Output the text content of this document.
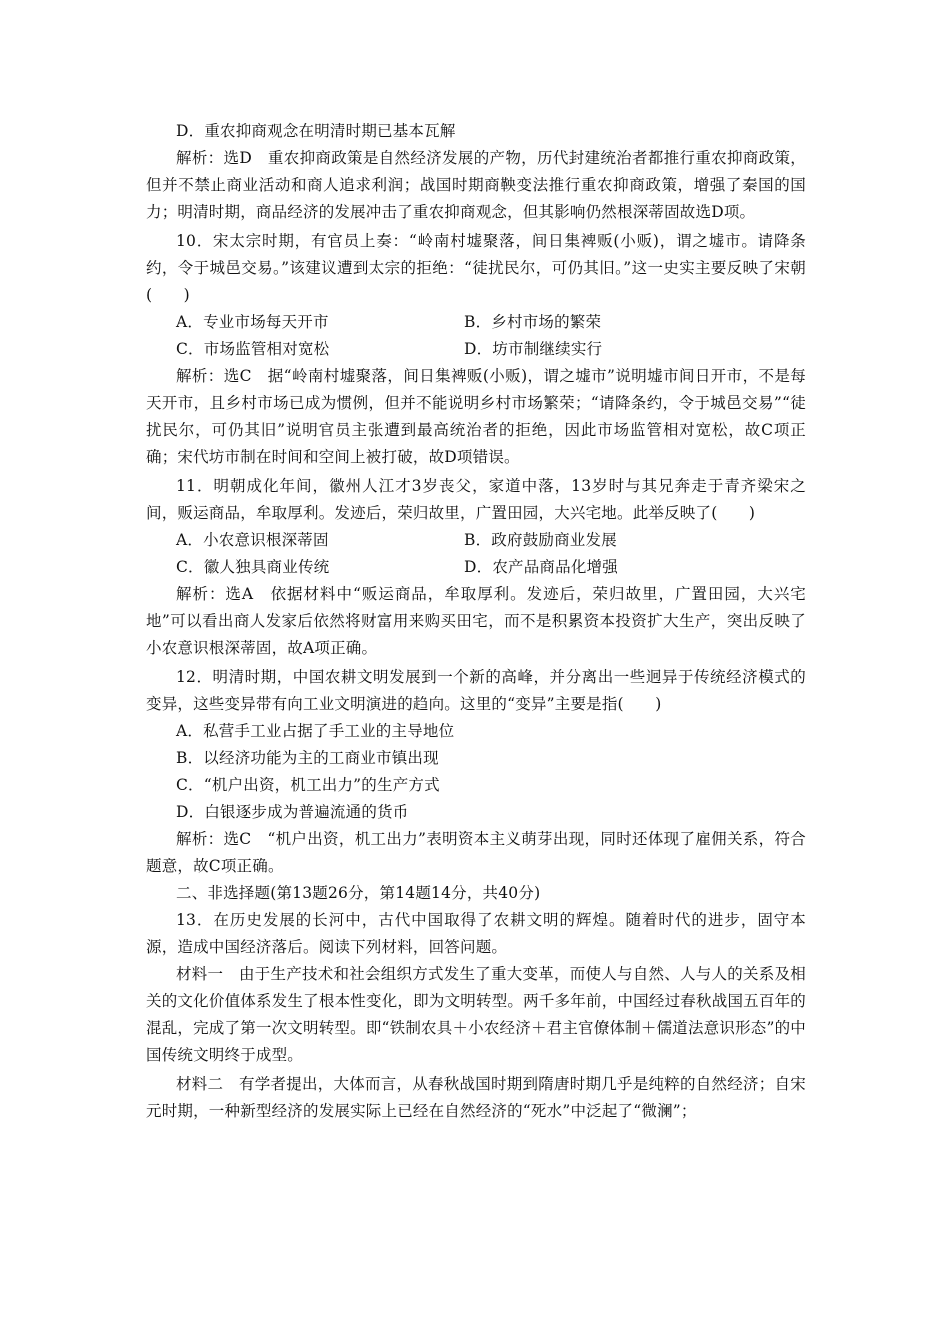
D．重农抑商观念在明清时期已基本瓦解

解析：选D　重农抑商政策是自然经济发展的产物，历代封建统治者都推行重农抑商政策，但并不禁止商业活动和商人追求利润；战国时期商鞅变法推行重农抑商政策，增强了秦国的国力；明清时期，商品经济的发展冲击了重农抑商观念，但其影响仍然根深蒂固故选D项。

10．宋太宗时期，有官员上奏：“岭南村墟聚落，间日集裨贩(小贩)，谓之墟市。请降条约，令于城邑交易。”该建议遭到太宗的拒绝：“徒扰民尔，可仍其旧。”这一史实主要反映了宋朝(　　)

A．专业市场每天开市	B．乡村市场的繁荣
C．市场监管相对宽松	D．坊市制继续实行

解析：选C　据“岭南村墟聚落，间日集裨贩(小贩)，谓之墟市”说明墟市间日开市，不是每天开市，且乡村市场已成为惯例，但并不能说明乡村市场繁荣；“请降条约，令于城邑交易”“徒扰民尔，可仍其旧”说明官员主张遭到最高统治者的拒绝，因此市场监管相对宽松，故C项正确；宋代坊市制在时间和空间上被打破，故D项错误。

11．明朝成化年间，徽州人江才3岁丧父，家道中落，13岁时与其兄奔走于青齐梁宋之间，贩运商品，牟取厚利。发迹后，荣归故里，广置田园，大兴宅地。此举反映了(　　)

A．小农意识根深蒂固	B．政府鼓励商业发展
C．徽人独具商业传统	D．农产品商品化增强

解析：选A　依据材料中“贩运商品，牟取厚利。发迹后，荣归故里，广置田园，大兴宅地”可以看出商人发家后依然将财富用来购买田宅，而不是积累资本投资扩大生产，突出反映了小农意识根深蒂固，故A项正确。

12．明清时期，中国农耕文明发展到一个新的高峰，并分离出一些迥异于传统经济模式的变异，这些变异带有向工业文明演进的趋向。这里的“变异”主要是指(　　)

A．私营手工业占据了手工业的主导地位

B．以经济功能为主的工商业市镇出现

C．“机户出资，机工出力”的生产方式

D．白银逐步成为普遍流通的货币

解析：选C　“机户出资，机工出力”表明资本主义萌芽出现，同时还体现了雇佣关系，符合题意，故C项正确。

二、非选择题(第13题26分，第14题14分，共40分)

13．在历史发展的长河中，古代中国取得了农耕文明的辉煌。随着时代的进步，固守本源，造成中国经济落后。阅读下列材料，回答问题。

材料一　由于生产技术和社会组织方式发生了重大变革，而使人与自然、人与人的关系及相关的文化价值体系发生了根本性变化，即为文明转型。两千多年前，中国经过春秋战国五百年的混乱，完成了第一次文明转型。即“铁制农具＋小农经济＋君主官僚体制＋儒道法意识形态”的中国传统文明终于成型。

材料二　有学者提出，大体而言，从春秋战国时期到隋唐时期几乎是纯粹的自然经济；自宋元时期，一种新型经济的发展实际上已经在自然经济的“死水”中泛起了“微澜”；
